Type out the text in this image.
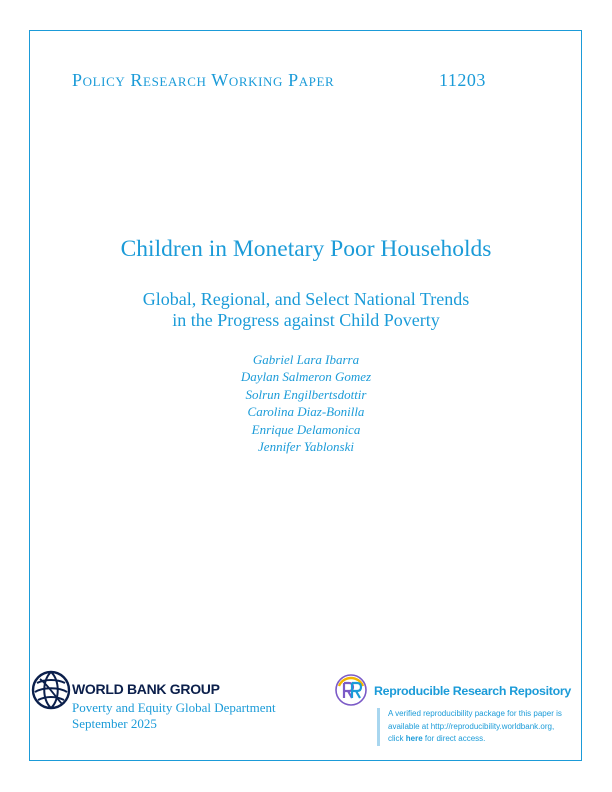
Policy Research Working Paper	11203
Children in Monetary Poor Households
Global, Regional, and Select National Trends
in the Progress against Child Poverty
Gabriel Lara Ibarra
Daylan Salmeron Gomez
Solrun Engilbertsdottir
Carolina Diaz-Bonilla
Enrique Delamonica
Jennifer Yablonski
WORLD BANK GROUP
Poverty and Equity Global Department
September 2025
Reproducible Research Repository
A verified reproducibility package for this paper is
available at http://reproducibility.worldbank.org,
click here for direct access.
